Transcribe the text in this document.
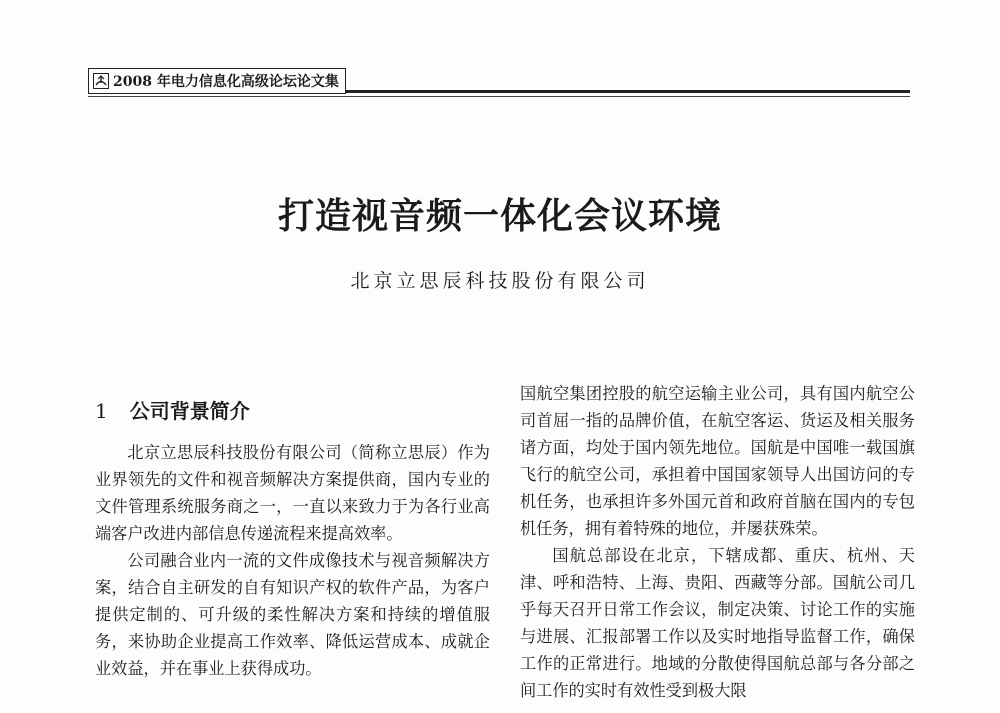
2008 年电力信息化高级论坛论文集
打造视音频一体化会议环境
北京立思辰科技股份有限公司
1 公司背景简介

北京立思辰科技股份有限公司（简称立思辰）作为业界领先的文件和视音频解决方案提供商，国内专业的文件管理系统服务商之一，一直以来致力于为各行业高端客户改进内部信息传递流程来提高效率。

公司融合业内一流的文件成像技术与视音频解决方案，结合自主研发的自有知识产权的软件产品，为客户提供定制的、可升级的柔性解决方案和持续的增值服务，来协助企业提高工作效率、降低运营成本、成就企业效益，并在事业上获得成功。

国航空集团控股的航空运输主业公司，具有国内航空公司首屈一指的品牌价值，在航空客运、货运及相关服务诸方面，均处于国内领先地位。国航是中国唯一载国旗飞行的航空公司，承担着中国国家领导人出国访问的专机任务，也承担许多外国元首和政府首脑在国内的专包机任务，拥有着特殊的地位，并屡获殊荣。

国航总部设在北京，下辖成都、重庆、杭州、天津、呼和浩特、上海、贵阳、西藏等分部。国航公司几乎每天召开日常工作会议，制定决策、讨论工作的实施与进展、汇报部署工作以及实时地指导监督工作，确保工作的正常进行。地域的分散使得国航总部与各分部之间工作的实时有效性受到极大限
